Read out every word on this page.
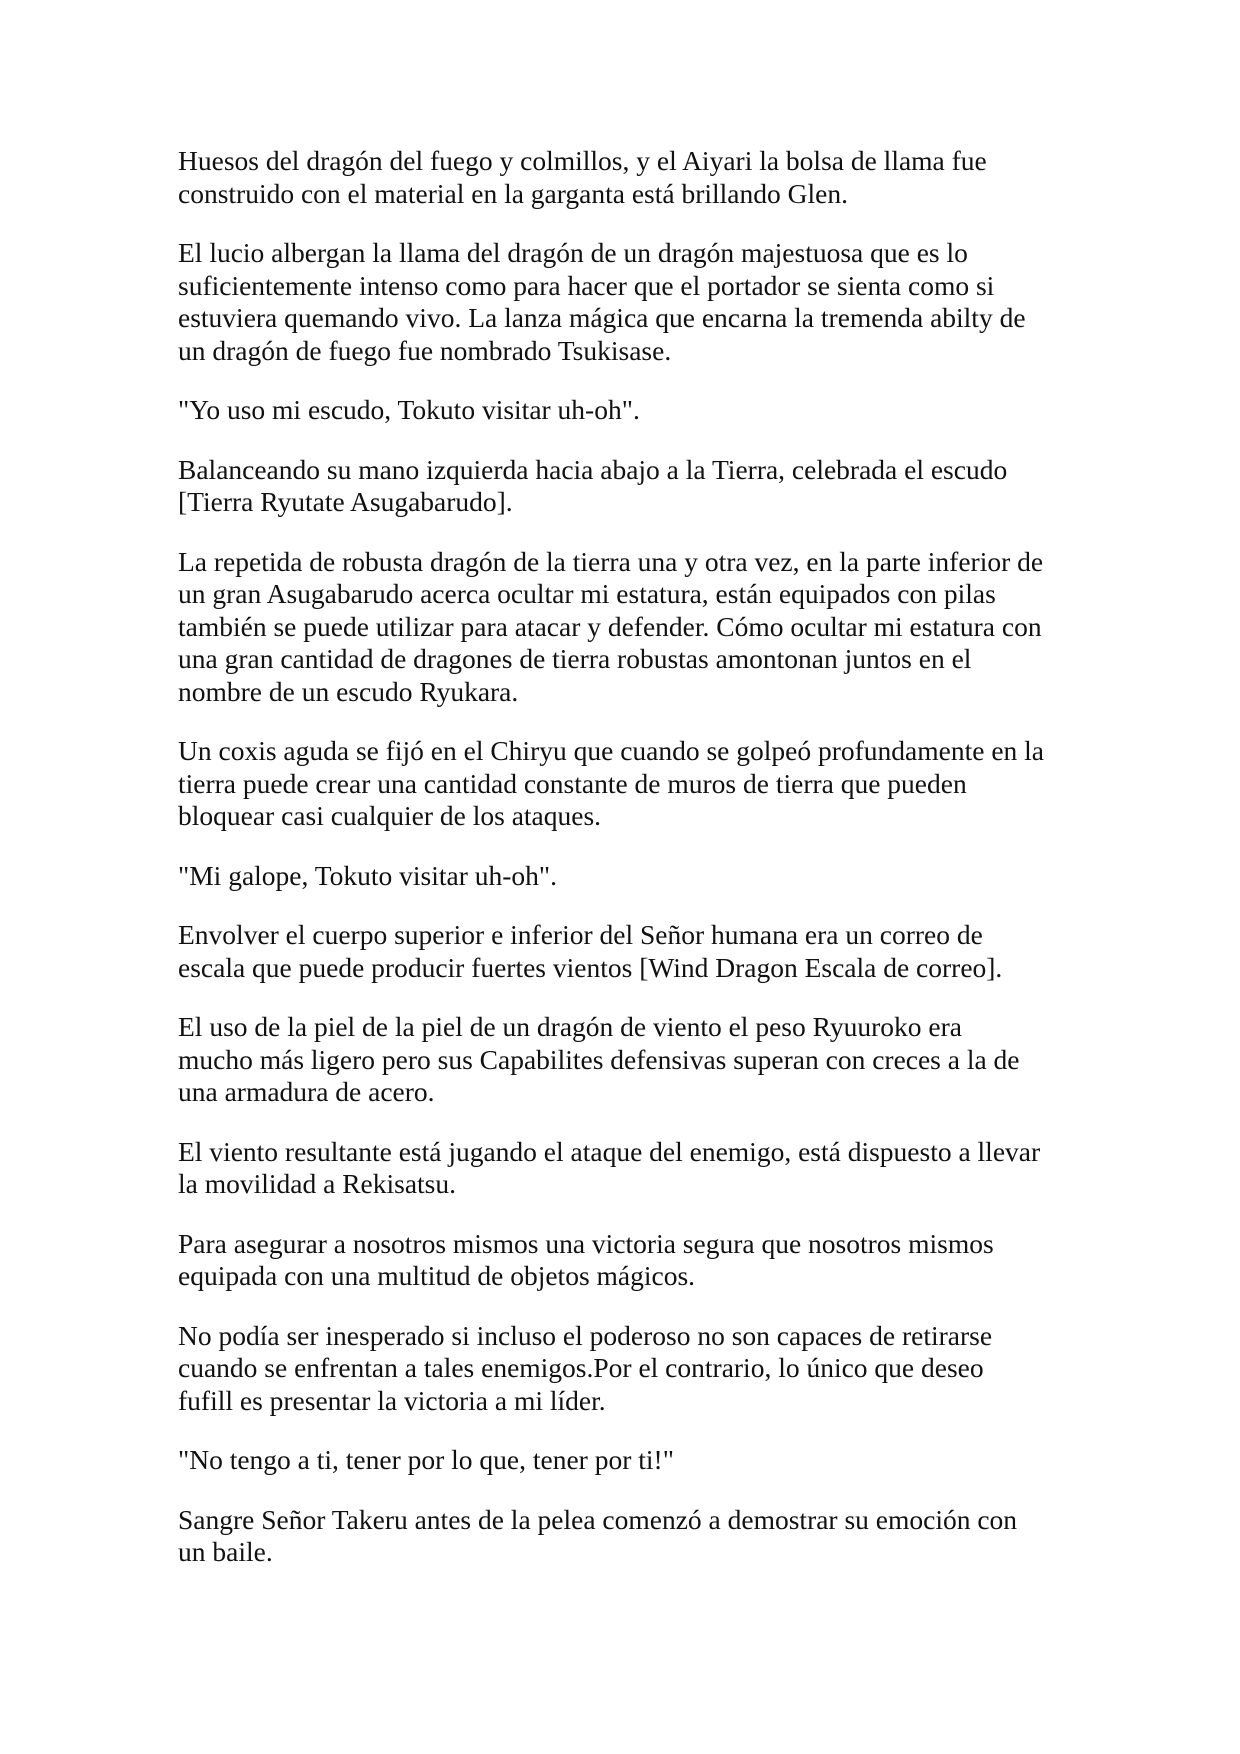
Huesos del dragón del fuego y colmillos, y el Aiyari la bolsa de llama fue
construido con el material en la garganta está brillando Glen.

El lucio albergan la llama del dragón de un dragón majestuosa que es lo
suficientemente intenso como para hacer que el portador se sienta como si
estuviera quemando vivo. La lanza mágica que encarna la tremenda abilty de
un dragón de fuego fue nombrado Tsukisase.

"Yo uso mi escudo, Tokuto visitar uh-oh".

Balanceando su mano izquierda hacia abajo a la Tierra, celebrada el escudo
[Tierra Ryutate Asugabarudo].

La repetida de robusta dragón de la tierra una y otra vez, en la parte inferior de
un gran Asugabarudo acerca ocultar mi estatura, están equipados con pilas
también se puede utilizar para atacar y defender. Cómo ocultar mi estatura con
una gran cantidad de dragones de tierra robustas amontonan juntos en el
nombre de un escudo Ryukara.

Un coxis aguda se fijó en el Chiryu que cuando se golpeó profundamente en la
tierra puede crear una cantidad constante de muros de tierra que pueden
bloquear casi cualquier de los ataques.

"Mi galope, Tokuto visitar uh-oh".

Envolver el cuerpo superior e inferior del Señor humana era un correo de
escala que puede producir fuertes vientos [Wind Dragon Escala de correo].

El uso de la piel de la piel de un dragón de viento el peso Ryuuroko era
mucho más ligero pero sus Capabilites defensivas superan con creces a la de
una armadura de acero.

El viento resultante está jugando el ataque del enemigo, está dispuesto a llevar
la movilidad a Rekisatsu.

Para asegurar a nosotros mismos una victoria segura que nosotros mismos
equipada con una multitud de objetos mágicos.

No podía ser inesperado si incluso el poderoso no son capaces de retirarse
cuando se enfrentan a tales enemigos.Por el contrario, lo único que deseo
fufill es presentar la victoria a mi líder.

"No tengo a ti, tener por lo que, tener por ti!"

Sangre Señor Takeru antes de la pelea comenzó a demostrar su emoción con
un baile.
